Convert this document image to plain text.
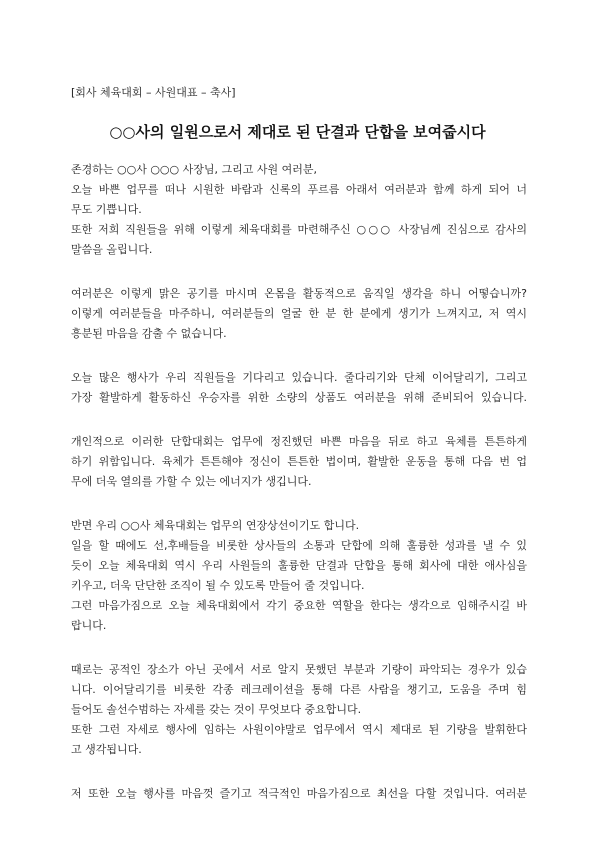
[회사 체육대회 – 사원대표 – 축사]
○○사의 일원으로서 제대로 된 단결과 단합을 보여줍시다
존경하는 ○○사 ○○○ 사장님, 그리고 사원 여러분,
오늘 바쁜 업무를 떠나 시원한 바람과 신록의 푸르름 아래서 여러분과 함께 하게 되어 너
무도 기쁩니다.
또한 저희 직원들을 위해 이렇게 체육대회를 마련해주신 ○○○ 사장님께 진심으로 감사의
말씀을 올립니다.
여러분은 이렇게 맑은 공기를 마시며 온몸을 활동적으로 움직일 생각을 하니 어떻습니까?
이렇게 여러분들을 마주하니, 여러분들의 얼굴 한 분 한 분에게 생기가 느껴지고, 저 역시
흥분된 마음을 감출 수 없습니다.
오늘 많은 행사가 우리 직원들을 기다리고 있습니다. 줄다리기와 단체 이어달리기, 그리고
가장 활발하게 활동하신 우승자를 위한 소량의 상품도 여러분을 위해 준비되어 있습니다.
개인적으로 이러한 단합대회는 업무에 정진했던 바쁜 마음을 뒤로 하고 육체를 튼튼하게
하기 위함입니다. 육체가 튼튼해야 정신이 튼튼한 법이며, 활발한 운동을 통해 다음 번 업
무에 더욱 열의를 가할 수 있는 에너지가 생깁니다.
반면 우리 ○○사 체육대회는 업무의 연장상선이기도 합니다.
일을 할 때에도 선,후배들을 비롯한 상사들의 소통과 단합에 의해 훌륭한 성과를 낼 수 있
듯이 오늘 체육대회 역시 우리 사원들의 훌륭한 단결과 단합을 통해 회사에 대한 애사심을
키우고, 더욱 단단한 조직이 될 수 있도록 만들어 줄 것입니다.
그런 마음가짐으로 오늘 체육대회에서 각기 중요한 역할을 한다는 생각으로 임해주시길 바
랍니다.
때로는 공적인 장소가 아닌 곳에서 서로 알지 못했던 부분과 기량이 파악되는 경우가 있습
니다. 이어달리기를 비롯한 각종 레크레이션을 통해 다른 사람을 챙기고, 도움을 주며 힘
들어도 솔선수범하는 자세를 갖는 것이 무엇보다 중요합니다.
또한 그런 자세로 행사에 임하는 사원이야말로 업무에서 역시 제대로 된 기량을 발휘한다
고 생각됩니다.
저 또한 오늘 행사를 마음껏 즐기고 적극적인 마음가짐으로 최선을 다할 것입니다. 여러분
